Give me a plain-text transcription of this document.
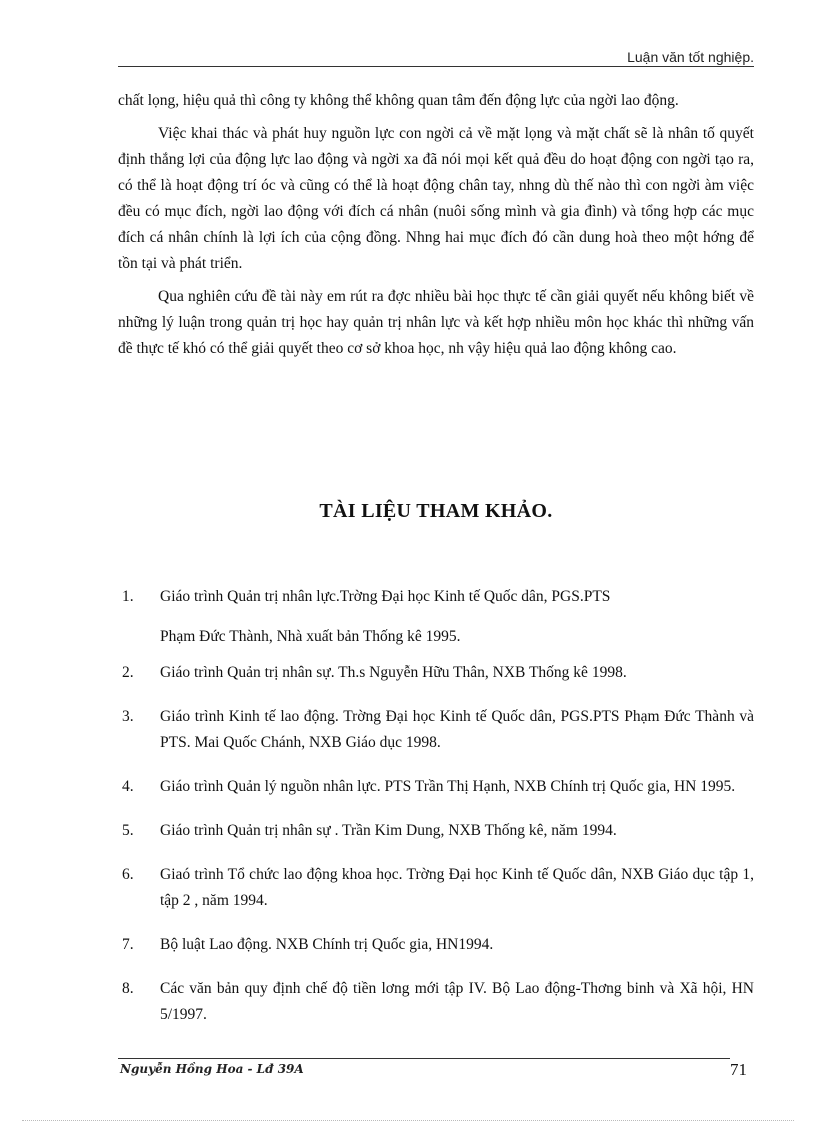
Luận văn tốt nghiệp.

chất lọng, hiệu quả thì công ty không thể không quan tâm đến động lực của ngời lao động.

Việc khai thác và phát huy nguồn lực con ngời cả về mặt lọng và mặt chất sẽ là nhân tố quyết định thắng lợi của động lực lao động và ngời xa đã nói mọi kết quả đều do hoạt động con ngời tạo ra, có thể là hoạt động trí óc và cũng có thể là hoạt động chân tay, nhng dù thế nào thì con ngời àm việc đều có mục đích, ngời lao động với đích cá nhân (nuôi sống mình và gia đình) và tổng hợp các mục đích cá nhân chính là lợi ích của cộng đồng. Nhng hai mục đích đó cần dung hoà theo một hớng để tồn tại và phát triển.

Qua nghiên cứu đề tài này em rút ra đợc nhiều bài học thực tế cần giải quyết nếu không biết về những lý luận trong quản trị học hay quản trị nhân lực và kết hợp nhiều môn học khác thì những vấn đề thực tế khó có thể giải quyết theo cơ sở khoa học, nh vậy hiệu quả lao động không cao.

TÀI LIỆU THAM KHẢO.
1. Giáo trình Quản trị nhân lực.Trờng Đại học Kinh tế Quốc dân, PGS.PTS
Phạm Đức Thành, Nhà xuất bản Thống kê 1995.
2. Giáo trình Quản trị nhân sự. Th.s Nguyễn Hữu Thân, NXB Thống kê 1998.
3. Giáo trình Kinh tế lao động. Trờng Đại học Kinh tế Quốc dân, PGS.PTS Phạm Đức Thành và PTS. Mai Quốc Chánh, NXB Giáo dục 1998.
4. Giáo trình Quản lý nguồn nhân lực. PTS Trần Thị Hạnh, NXB Chính trị Quốc gia, HN 1995.
5. Giáo trình Quản trị nhân sự . Trần Kim Dung, NXB Thống kê, năm 1994.
6. Giaó trình Tổ chức lao động khoa học. Trờng Đại học Kinh tế Quốc dân, NXB Giáo dục tập 1, tập 2 , năm 1994.
7. Bộ luật Lao động. NXB Chính trị Quốc gia, HN1994.
8. Các văn bản quy định chế độ tiền lơng mới tập IV. Bộ Lao động-Thơng binh và Xã hội, HN 5/1997.
Nguyễn Hồng Hoa - Lđ 39A	71
